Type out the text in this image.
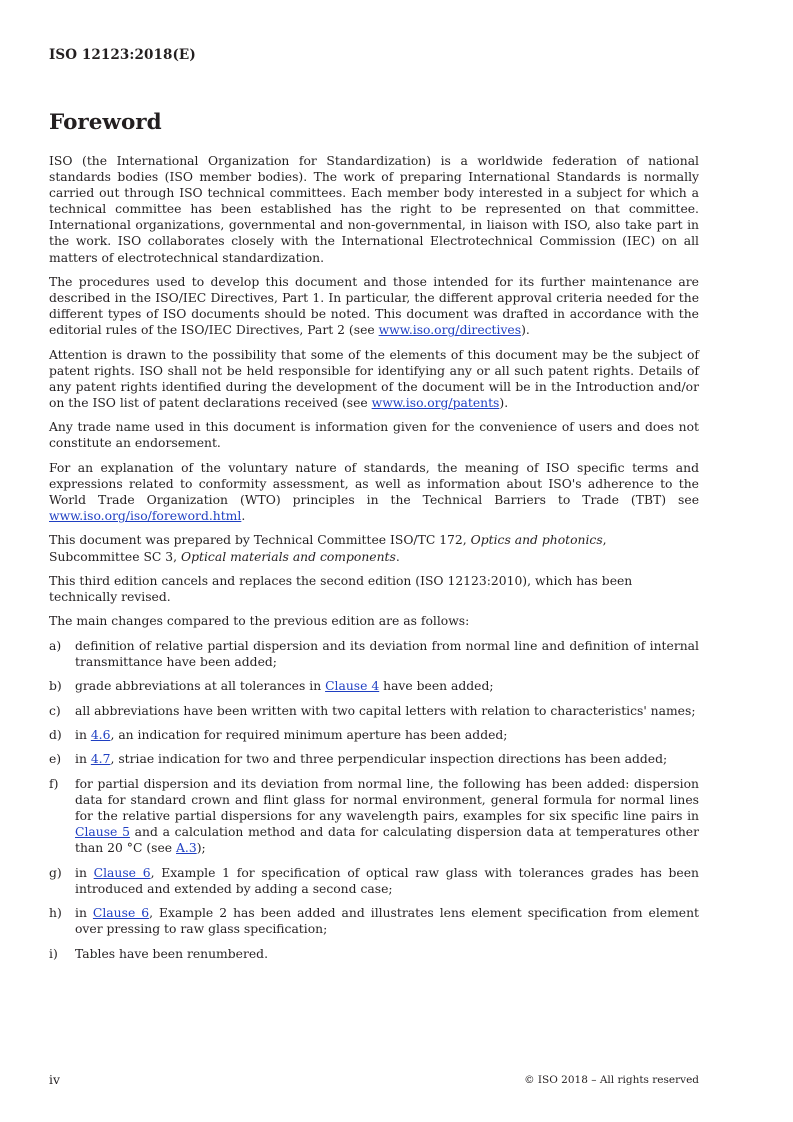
ISO 12123:2018(E)
Foreword

ISO (the International Organization for Standardization) is a worldwide federation of national standards bodies (ISO member bodies). The work of preparing International Standards is normally carried out through ISO technical committees. Each member body interested in a subject for which a technical committee has been established has the right to be represented on that committee. International organizations, governmental and non-governmental, in liaison with ISO, also take part in the work. ISO collaborates closely with the International Electrotechnical Commission (IEC) on all matters of electrotechnical standardization.

The procedures used to develop this document and those intended for its further maintenance are described in the ISO/IEC Directives, Part 1. In particular, the different approval criteria needed for the different types of ISO documents should be noted. This document was drafted in accordance with the editorial rules of the ISO/IEC Directives, Part 2 (see www.iso.org/directives).

Attention is drawn to the possibility that some of the elements of this document may be the subject of patent rights. ISO shall not be held responsible for identifying any or all such patent rights. Details of any patent rights identified during the development of the document will be in the Introduction and/or on the ISO list of patent declarations received (see www.iso.org/patents).

Any trade name used in this document is information given for the convenience of users and does not constitute an endorsement.

For an explanation of the voluntary nature of standards, the meaning of ISO specific terms and expressions related to conformity assessment, as well as information about ISO's adherence to the World Trade Organization (WTO) principles in the Technical Barriers to Trade (TBT) see www.iso.org/iso/foreword.html.

This document was prepared by Technical Committee ISO/TC 172, Optics and photonics, Subcommittee SC 3, Optical materials and components.

This third edition cancels and replaces the second edition (ISO 12123:2010), which has been technically revised.

The main changes compared to the previous edition are as follows:

a) definition of relative partial dispersion and its deviation from normal line and definition of internal transmittance have been added;
b) grade abbreviations at all tolerances in Clause 4 have been added;
c) all abbreviations have been written with two capital letters with relation to characteristics' names;
d) in 4.6, an indication for required minimum aperture has been added;
e) in 4.7, striae indication for two and three perpendicular inspection directions has been added;
f) for partial dispersion and its deviation from normal line, the following has been added: dispersion data for standard crown and flint glass for normal environment, general formula for normal lines for the relative partial dispersions for any wavelength pairs, examples for six specific line pairs in Clause 5 and a calculation method and data for calculating dispersion data at temperatures other than 20 °C (see A.3);
g) in Clause 6, Example 1 for specification of optical raw glass with tolerances grades has been introduced and extended by adding a second case;
h) in Clause 6, Example 2 has been added and illustrates lens element specification from element over pressing to raw glass specification;
i) Tables have been renumbered.
iv	© ISO 2018 – All rights reserved
